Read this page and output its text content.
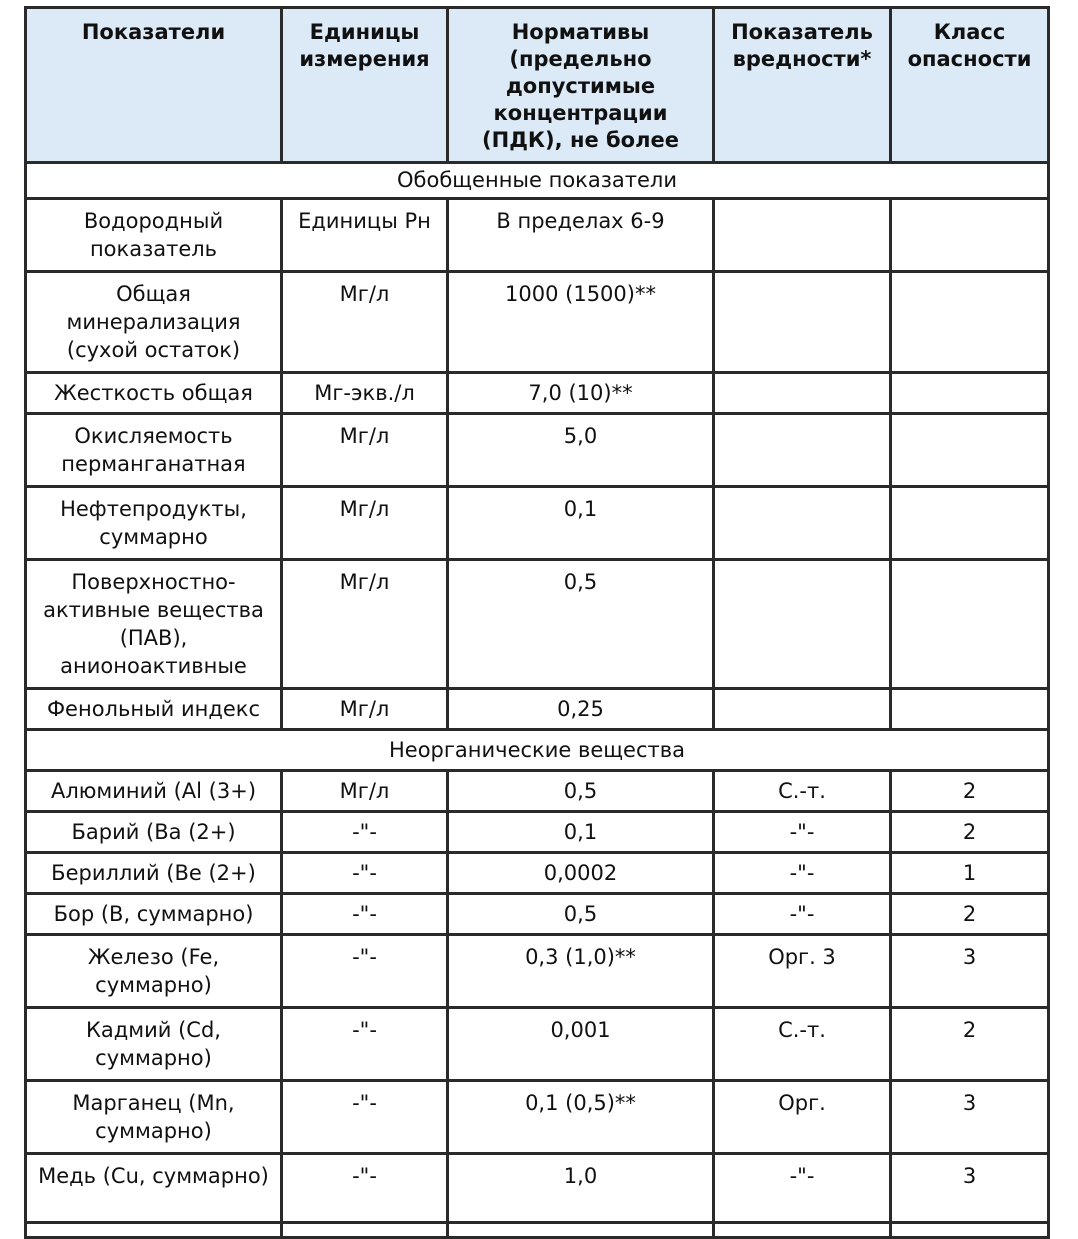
Показатели	Единицы измерения	Нормативы (предельно допустимые концентрации (ПДК), не более	Показатель вредности*	Класс опасности
Обобщенные показатели				
Водородный показатель	Единицы Рн	В пределах 6-9		
Общая минерализация (сухой остаток)	Мг/л	1000 (1500)**		
Жесткость общая	Мг-экв./л	7,0 (10)**		
Окисляемость перманганатная	Мг/л	5,0		
Нефтепродукты, суммарно	Мг/л	0,1		
Поверхностно-активные вещества (ПАВ), анионоактивные	Мг/л	0,5		
Фенольный индекс	Мг/л	0,25		
Неорганические вещества				
Алюминий (Al (3+)	Мг/л	0,5	С.-т.	2
Барий (Ва (2+)	-"-	0,1	-"-	2
Бериллий (Be (2+)	-"-	0,0002	-"-	1
Бор (В, суммарно)	-"-	0,5	-"-	2
Железо (Fe, суммарно)	-"-	0,3 (1,0)**	Орг. 3	3
Кадмий (Cd, суммарно)	-"-	0,001	С.-т.	2
Марганец (Mn, суммарно)	-"-	0,1 (0,5)**	Орг.	3
Медь (Cu, суммарно)	-"-	1,0	-"-	3
